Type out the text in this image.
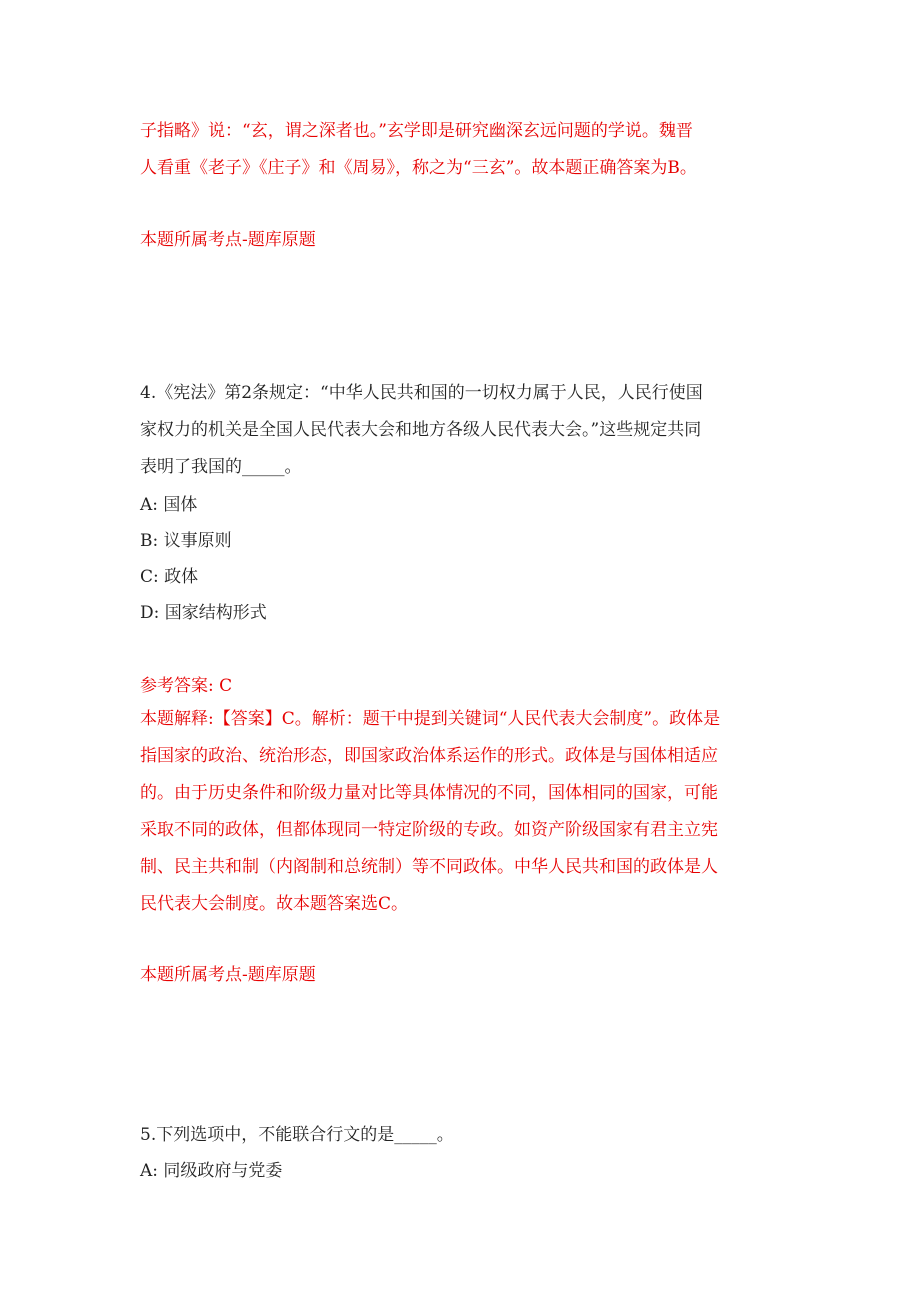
子指略》说：“玄，谓之深者也。”玄学即是研究幽深玄远问题的学说。魏晋
人看重《老子》《庄子》和《周易》，称之为“三玄”。故本题正确答案为B。
本题所属考点-题库原题
4.《宪法》第2条规定：“中华人民共和国的一切权力属于人民，人民行使国
家权力的机关是全国人民代表大会和地方各级人民代表大会。”这些规定共同
表明了我国的_____。
A: 国体
B: 议事原则
C: 政体
D: 国家结构形式
参考答案: C
本题解释:【答案】C。解析：题干中提到关键词“人民代表大会制度”。政体是
指国家的政治、统治形态，即国家政治体系运作的形式。政体是与国体相适应
的。由于历史条件和阶级力量对比等具体情况的不同，国体相同的国家，可能
采取不同的政体，但都体现同一特定阶级的专政。如资产阶级国家有君主立宪
制、民主共和制（内阁制和总统制）等不同政体。中华人民共和国的政体是人
民代表大会制度。故本题答案选C。
本题所属考点-题库原题
5.下列选项中，不能联合行文的是_____。
A: 同级政府与党委
